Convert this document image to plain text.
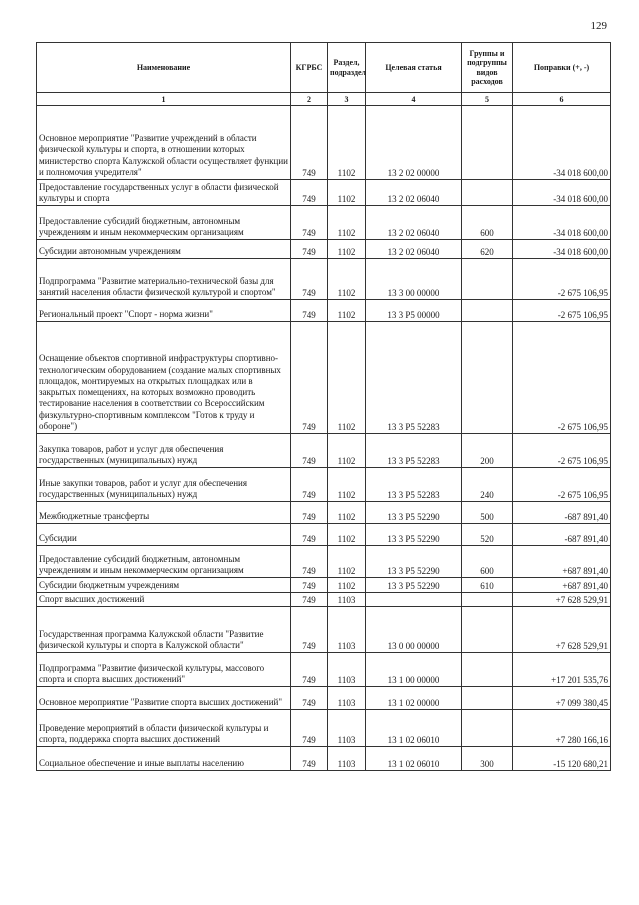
129
Наименование	КГРБС	Раздел, подраздел	Целевая статья	Группы и подгруппы видов расходов	Поправки (+, -)
1	2	3	4	5	6
Основное мероприятие "Развитие учреждений в области физической культуры и спорта, в отношении которых министерство спорта Калужской области осуществляет функции и полномочия учредителя"	749	1102	13 2 02 00000		-34 018 600,00
Предоставление государственных услуг в области физической культуры и спорта	749	1102	13 2 02 06040		-34 018 600,00
Предоставление субсидий бюджетным, автономным учреждениям и иным некоммерческим организациям	749	1102	13 2 02 06040	600	-34 018 600,00
Субсидии автономным учреждениям	749	1102	13 2 02 06040	620	-34 018 600,00
Подпрограмма "Развитие материально-технической базы для занятий населения области физической культурой и спортом"	749	1102	13 3 00 00000		-2 675 106,95
Региональный проект "Спорт - норма жизни"	749	1102	13 3 P5 00000		-2 675 106,95
Оснащение объектов спортивной инфраструктуры спортивно-технологическим оборудованием (создание малых спортивных площадок, монтируемых на открытых площадках или в закрытых помещениях, на которых возможно проводить тестирование населения в соответствии со Всероссийским физкультурно-спортивным комплексом "Готов к труду и обороне")	749	1102	13 3 P5 52283		-2 675 106,95
Закупка товаров, работ и услуг для обеспечения государственных (муниципальных) нужд	749	1102	13 3 P5 52283	200	-2 675 106,95
Иные закупки товаров, работ и услуг для обеспечения государственных (муниципальных) нужд	749	1102	13 3 P5 52283	240	-2 675 106,95
Межбюджетные трансферты	749	1102	13 3 P5 52290	500	-687 891,40
Субсидии	749	1102	13 3 P5 52290	520	-687 891,40
Предоставление субсидий бюджетным, автономным учреждениям и иным некоммерческим организациям	749	1102	13 3 P5 52290	600	+687 891,40
Субсидии бюджетным учреждениям	749	1102	13 3 P5 52290	610	+687 891,40
Спорт высших достижений	749	1103			+7 628 529,91
Государственная программа Калужской области "Развитие физической культуры и спорта в Калужской области"	749	1103	13 0 00 00000		+7 628 529,91
Подпрограмма "Развитие физической культуры, массового спорта и спорта высших достижений"	749	1103	13 1 00 00000		+17 201 535,76
Основное мероприятие "Развитие спорта высших достижений"	749	1103	13 1 02 00000		+7 099 380,45
Проведение мероприятий в области физической культуры и спорта, поддержка спорта высших достижений	749	1103	13 1 02 06010		+7 280 166,16
Социальное обеспечение и иные выплаты населению	749	1103	13 1 02 06010	300	-15 120 680,21
